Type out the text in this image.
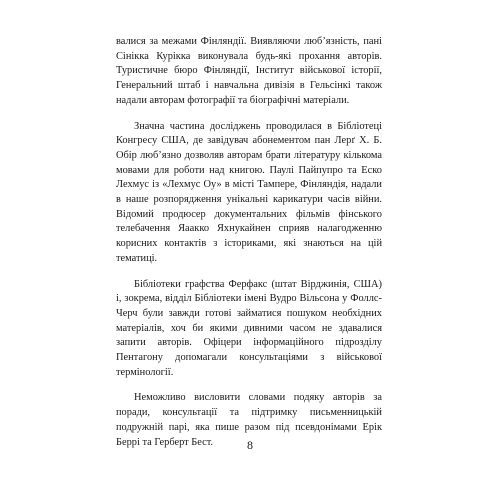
валися за межами Фінляндії. Виявляючи люб’язність, пані Сінікка Курікка виконувала будь-які прохання авторів. Туристичне бюро Фінляндії, Інститут військової історії, Генеральний штаб і навчальна дивізія в Гельсінкі також надали авторам фотографії та біографічні матеріали.

Значна частина досліджень проводилася в Бібліотеці Конгресу США, де завідувач абонементом пан Лерґ Х. Б. Обір люб’язно дозволяв авторам брати літературу кількома мовами для роботи над книгою. Паулі Пайпупро та Еско Лехмус із «Лехмус Оу» в місті Тампере, Фінляндія, надали в наше розпорядження унікальні карикатури часів війни. Відомий продюсер документальних фільмів фінського телебачення Яаакко Яхнукайнен сприяв налагодженню корисних контактів з істориками, які знаються на цій тематиці.

Бібліотеки графства Ферфакс (штат Вірджинія, США) і, зокрема, відділ Бібліотеки імені Вудро Вільсона у Фоллс-Черч були завжди готові займатися пошуком необхідних матеріалів, хоч би якими дивними часом не здавалися запити авторів. Офіцери інформаційного підрозділу Пентагону допомагали консультаціями з військової термінології.

Неможливо висловити словами подяку авторів за поради, консультації та підтримку письменницькій подружній парі, яка пише разом під псевдонімами Ерік Беррі та Герберт Бест.	8
